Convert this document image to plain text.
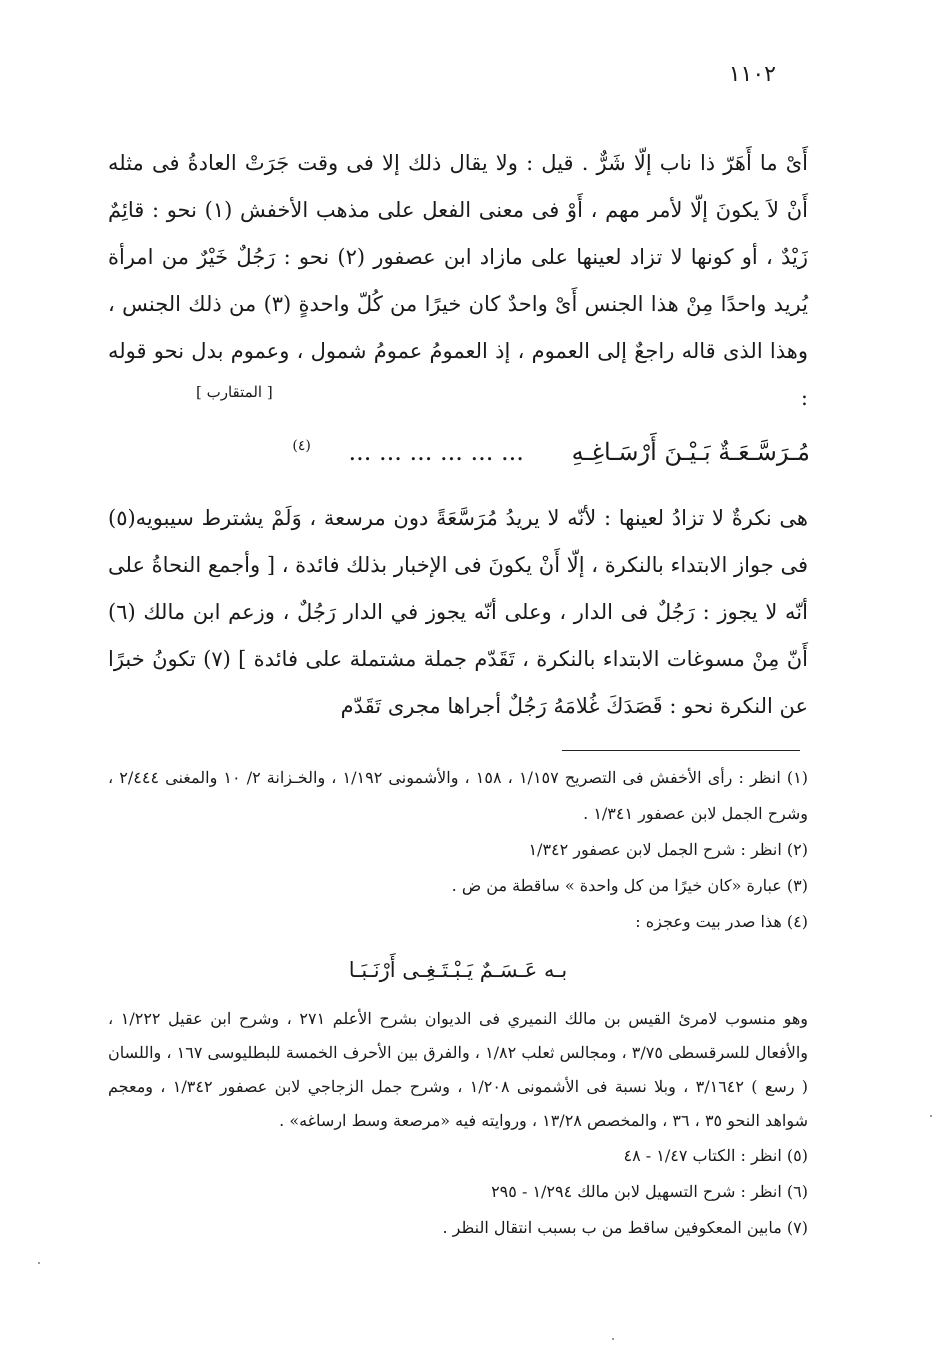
١١٠٢
أَىْ ما أَهَرّ ذا ناب إلّا شَرٌّ . قيل : ولا يقال ذلك إلا فى وقت جَرَتْ العادةُ فى مثله أَنْ لاَ يكونَ إلّا لأمر مهم ، أَوْ فى معنى الفعل على مذهب الأخفش (١) نحو : قائِمٌ زَيْدٌ ، أو كونها لا تزاد لعينها على مازاد ابن عصفور (٢) نحو : رَجُلٌ خَيْرٌ من امرأة يُريد واحدًا مِنْ هذا الجنس أَىْ واحدٌ كان خيرًا من كُلّ واحدةٍ (٣) من ذلك الجنس ، وهذا الذى قاله راجعٌ إلى العموم ، إذ العمومُ عمومُ شمول ، وعموم بدل نحو قوله :
[ المتقارب ]
مُـرَسَّـعَـةٌ بَـيْـنَ أَرْسَـاغِـهِ ... ... ... ... ... ... $^{(٤)}$
هى نكرةٌ لا تزادُ لعينها : لأنّه لا يريدُ مُرَسَّعَةً دون مرسعة ، وَلَمْ يشترط سيبويه(٥) فى جواز الابتداء بالنكرة ، إلّا أَنْ يكونَ فى الإخبار بذلك فائدة ، [ وأجمع النحاةُ على أنّه لا يجوز : رَجُلٌ فى الدار ، وعلى أنّه يجوز في الدار رَجُلٌ ، وزعم ابن مالك (٦) أَنّ مِنْ مسوغات الابتداء بالنكرة ، تَقَدّم جملة مشتملة على فائدة ] (٧) تكونُ خبرًا عن النكرة نحو : قَصَدَكَ غُلامَهُ رَجُلٌ أجراها مجرى تَقَدّم
(١) انظر : رأى الأخفش فى التصريح ١/١٥٧ ، ١٥٨ ، والأشمونى ١/١٩٢ ، والخـزانة ٢/ ١٠ والمغنى ٢/٤٤٤ ، وشرح الجمل لابن عصفور ١/٣٤١ .
(٢) انظر : شرح الجمل لابن عصفور ١/٣٤٢
(٣) عبارة «كان خيرًا من كل واحدة » ساقطة من ض .
(٤) هذا صدر بيت وعجزه :
بـه عَـسَـمٌ يَـبْـتَـغِـى أَرْنَـبَـا
وهو منسوب لامرئ القيس بن مالك النميري فى الديوان بشرح الأعلم ٢٧١ ، وشرح ابن عقيل ١/٢٢٢ ، والأفعال للسرقسطى ٣/٧٥ ، ومجالس ثعلب ١/٨٢ ، والفرق بين الأحرف الخمسة للبطليوسى ١٦٧ ، واللسان ( رسع ) ٣/١٦٤٢ ، وبلا نسبة فى الأشمونى ١/٢٠٨ ، وشرح جمل الزجاجي لابن عصفور ١/٣٤٢ ، ومعجم شواهد النحو ٣٥ ، ٣٦ ، والمخصص ١٣/٢٨ ، وروايته فيه «مرصعة وسط ارساغه» .
(٥) انظر : الكتاب ١/٤٧ - ٤٨
(٦) انظر : شرح التسهيل لابن مالك ١/٢٩٤ - ٢٩٥
(٧) مابين المعكوفين ساقط من ب بسبب انتقال النظر .
